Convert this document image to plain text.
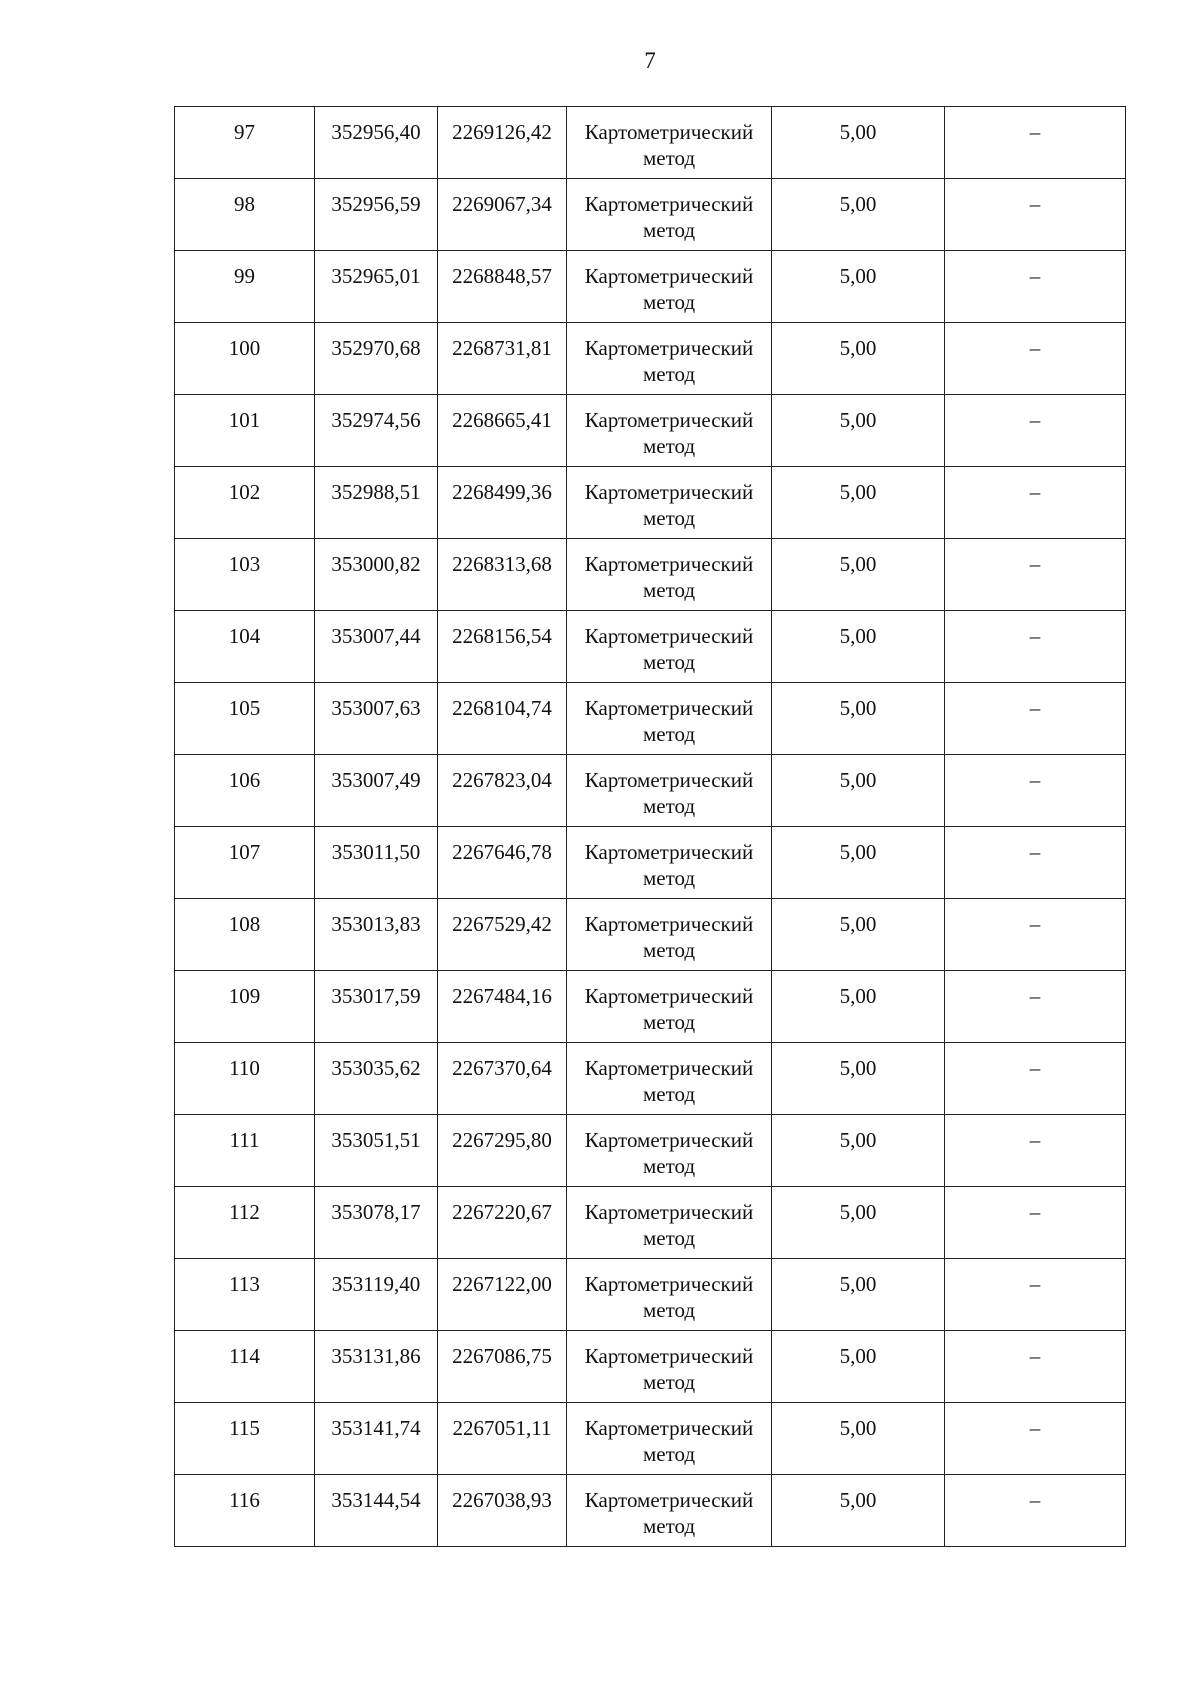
7
97	352956,40	2269126,42	Картометрический метод	5,00	–
98	352956,59	2269067,34	Картометрический метод	5,00	–
99	352965,01	2268848,57	Картометрический метод	5,00	–
100	352970,68	2268731,81	Картометрический метод	5,00	–
101	352974,56	2268665,41	Картометрический метод	5,00	–
102	352988,51	2268499,36	Картометрический метод	5,00	–
103	353000,82	2268313,68	Картометрический метод	5,00	–
104	353007,44	2268156,54	Картометрический метод	5,00	–
105	353007,63	2268104,74	Картометрический метод	5,00	–
106	353007,49	2267823,04	Картометрический метод	5,00	–
107	353011,50	2267646,78	Картометрический метод	5,00	–
108	353013,83	2267529,42	Картометрический метод	5,00	–
109	353017,59	2267484,16	Картометрический метод	5,00	–
110	353035,62	2267370,64	Картометрический метод	5,00	–
111	353051,51	2267295,80	Картометрический метод	5,00	–
112	353078,17	2267220,67	Картометрический метод	5,00	–
113	353119,40	2267122,00	Картометрический метод	5,00	–
114	353131,86	2267086,75	Картометрический метод	5,00	–
115	353141,74	2267051,11	Картометрический метод	5,00	–
116	353144,54	2267038,93	Картометрический метод	5,00	–
